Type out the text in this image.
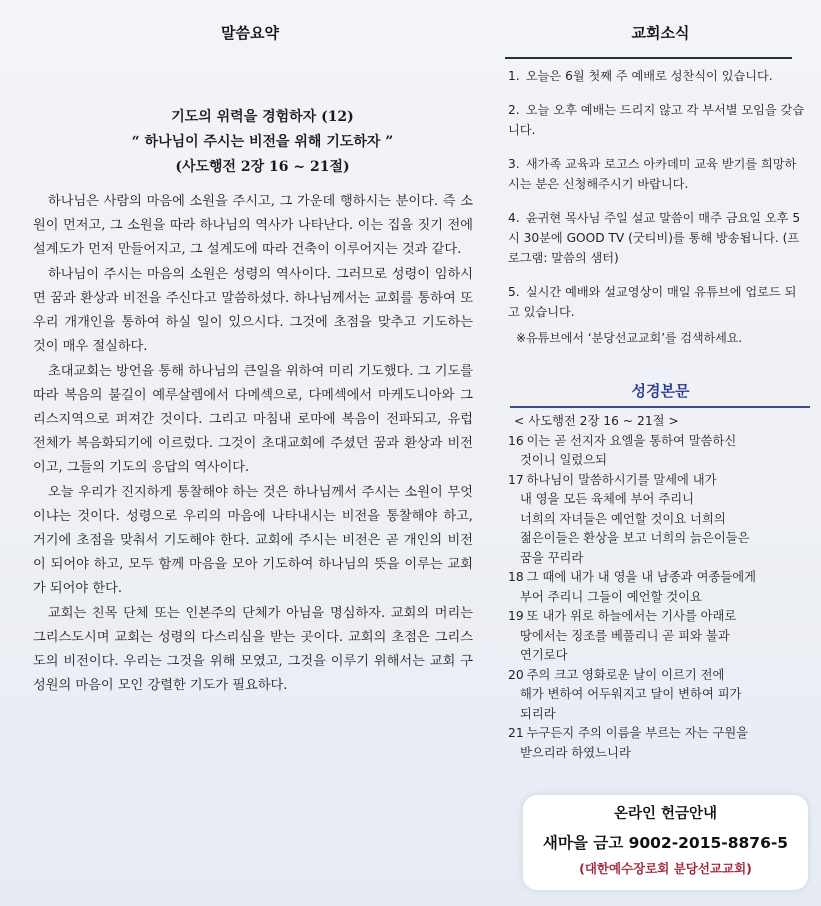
말씀요약
기도의 위력을 경험하자 (12)
“ 하나님이 주시는 비전을 위해 기도하자 ”
(사도행전 2장 16 ~ 21절)

하나님은 사람의 마음에 소원을 주시고, 그 가운데 행하시는 분이다. 즉 소원이 먼저고, 그 소원을 따라 하나님의 역사가 나타난다. 이는 집을 짓기 전에 설계도가 먼저 만들어지고, 그 설계도에 따라 건축이 이루어지는 것과 같다.

하나님이 주시는 마음의 소원은 성령의 역사이다. 그러므로 성령이 임하시면 꿈과 환상과 비전을 주신다고 말씀하셨다. 하나님께서는 교회를 통하여 또 우리 개개인을 통하여 하실 일이 있으시다. 그것에 초점을 맞추고 기도하는 것이 매우 절실하다.

초대교회는 방언을 통해 하나님의 큰일을 위하여 미리 기도했다. 그 기도를 따라 복음의 불길이 예루살렘에서 다메섹으로, 다메섹에서 마케도니아와 그리스지역으로 퍼져간 것이다. 그리고 마침내 로마에 복음이 전파되고, 유럽 전체가 복음화되기에 이르렀다. 그것이 초대교회에 주셨던 꿈과 환상과 비전이고, 그들의 기도의 응답의 역사이다.

오늘 우리가 진지하게 통찰해야 하는 것은 하나님께서 주시는 소원이 무엇이냐는 것이다. 성령으로 우리의 마음에 나타내시는 비전을 통찰해야 하고, 거기에 초점을 맞춰서 기도해야 한다. 교회에 주시는 비전은 곧 개인의 비전이 되어야 하고, 모두 함께 마음을 모아 기도하여 하나님의 뜻을 이루는 교회가 되어야 한다.

교회는 친목 단체 또는 인본주의 단체가 아님을 명심하자. 교회의 머리는 그리스도시며 교회는 성령의 다스리심을 받는 곳이다. 교회의 초점은 그리스도의 비전이다. 우리는 그것을 위해 모였고, 그것을 이루기 위해서는 교회 구성원의 마음이 모인 강렬한 기도가 필요하다.

교회소식
1. 오늘은 6월 첫째 주 예배로 성찬식이 있습니다.
2. 오늘 오후 예배는 드리지 않고 각 부서별 모임을 갖습니다.
3. 새가족 교육과 로고스 아카데미 교육 받기를 희망하시는 분은 신청해주시기 바랍니다.
4. 윤귀현 목사님 주일 설교 말씀이 매주 금요일 오후 5시 30분에 GOOD TV (굿티비)를 통해 방송됩니다. (프로그램: 말씀의 샘터)
5. 실시간 예배와 설교영상이 매일 유튜브에 업로드 되고 있습니다.
※유튜브에서 ‘분당선교교회’를 검색하세요.
성경본문
< 사도행전 2장 16 ~ 21절 >
16 이는 곧 선지자 요엘을 통하여 말씀하신
것이니 일렀으되
17 하나님이 말씀하시기를 말세에 내가
내 영을 모든 육체에 부어 주리니
너희의 자녀들은 예언할 것이요 너희의
젊은이들은 환상을 보고 너희의 늙은이들은
꿈을 꾸리라
18 그 때에 내가 내 영을 내 남종과 여종들에게
부어 주리니 그들이 예언할 것이요
19 또 내가 위로 하늘에서는 기사를 아래로
땅에서는 징조를 베풀리니 곧 피와 불과
연기로다
20 주의 크고 영화로운 날이 이르기 전에
해가 변하여 어두워지고 달이 변하여 피가
되리라
21 누구든지 주의 이름을 부르는 자는 구원을
받으리라 하였느니라
온라인 헌금안내
새마을 금고 9002-2015-8876-5
(대한예수장로회 분당선교교회)
